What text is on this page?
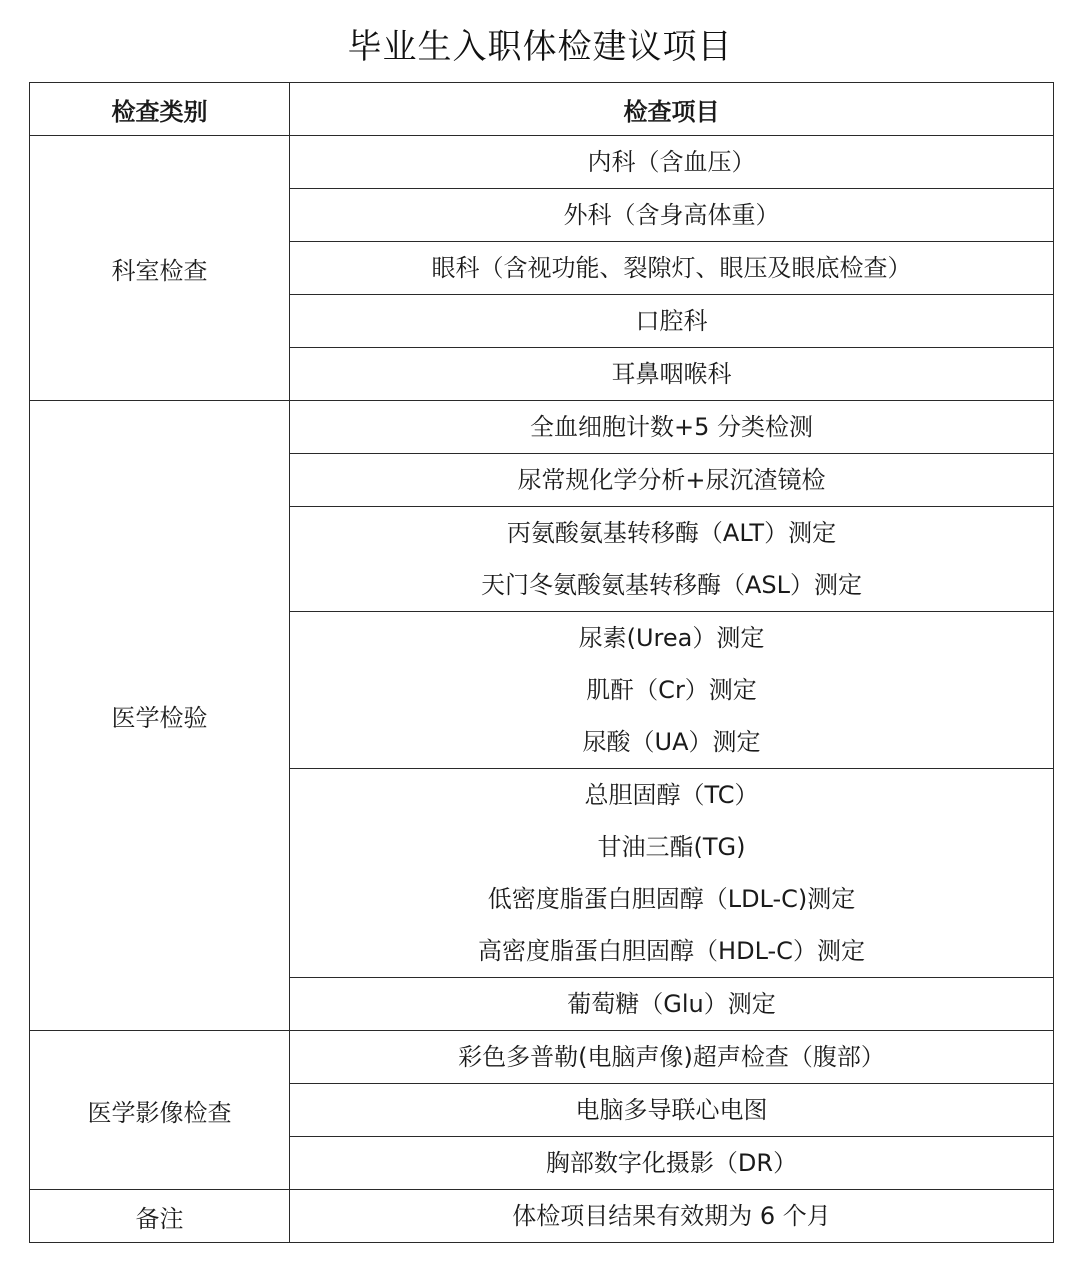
毕业生入职体检建议项目
检查类别	检查项目
科室检查	内科（含血压）

	外科（含身高体重）

	眼科（含视功能、裂隙灯、眼压及眼底检查）

	口腔科

	耳鼻咽喉科

医学检验	全血细胞计数+5 分类检测

	尿常规化学分析+尿沉渣镜检

	丙氨酸氨基转移酶（ALT）测定
天门冬氨酸氨基转移酶（ASL）测定

	尿素(Urea）测定
肌酐（Cr）测定
尿酸（UA）测定

	总胆固醇（TC）
甘油三酯(TG)
低密度脂蛋白胆固醇（LDL-C)测定
高密度脂蛋白胆固醇（HDL-C）测定

	葡萄糖（Glu）测定

医学影像检查	彩色多普勒(电脑声像)超声检查（腹部）

	电脑多导联心电图

	胸部数字化摄影（DR）

备注	体检项目结果有效期为 6 个月
